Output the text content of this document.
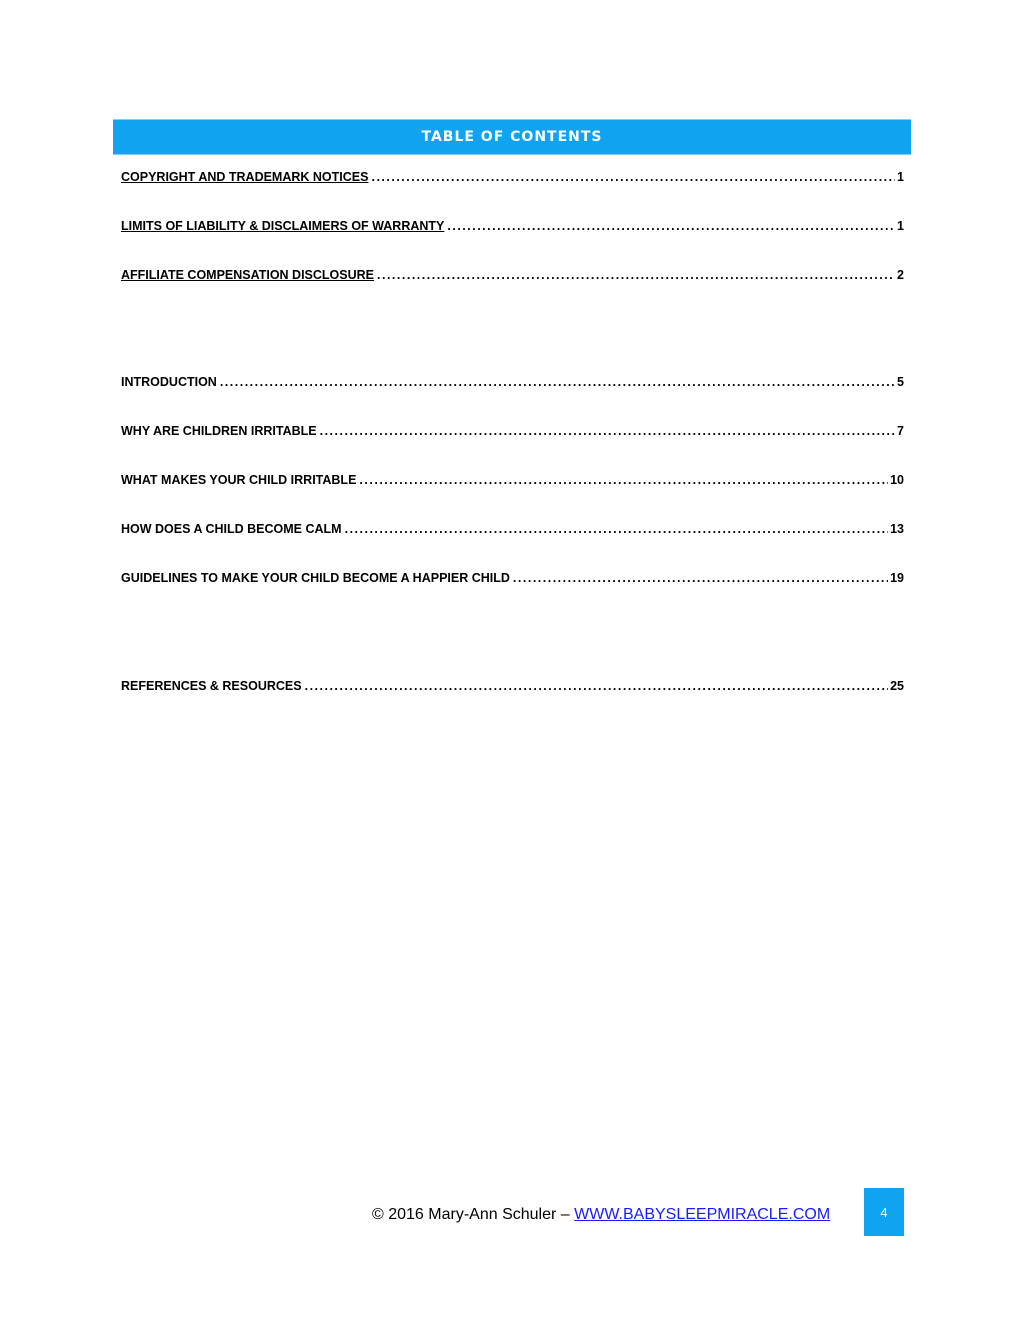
TABLE OF CONTENTS
COPYRIGHT AND TRADEMARK NOTICES .....	1
LIMITS OF LIABILITY & DISCLAIMERS OF WARRANTY .....	1
AFFILIATE COMPENSATION DISCLOSURE .....	2
INTRODUCTION .....	5
WHY ARE CHILDREN IRRITABLE .....	7
WHAT MAKES YOUR CHILD IRRITABLE .....	10
HOW DOES A CHILD BECOME CALM .....	13
GUIDELINES TO MAKE YOUR CHILD BECOME A HAPPIER CHILD .....	19
REFERENCES & RESOURCES .....	25
© 2016 Mary-Ann Schuler – WWW.BABYSLEEPMIRACLE.COM	4
